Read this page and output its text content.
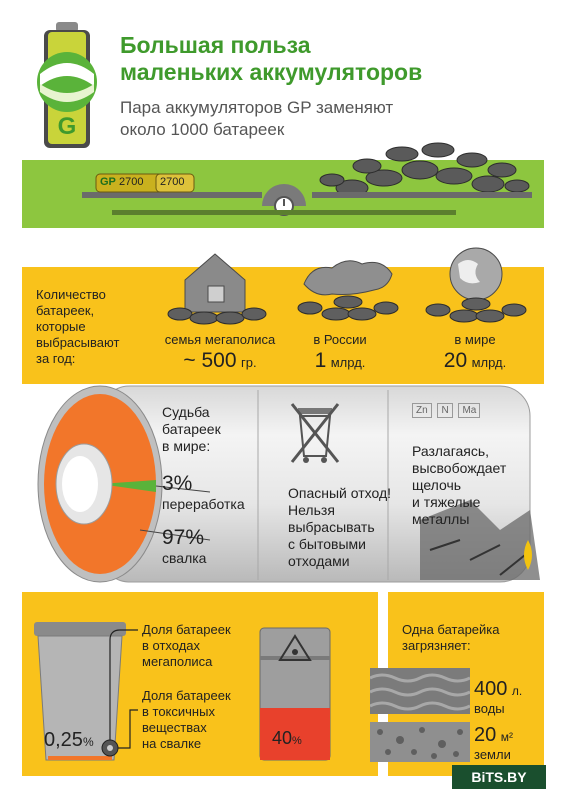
G
Большая польза
маленьких аккумуляторов
Пара аккумуляторов GP заменяют
около 1000 батареек
GP 2700 2700
Количество
батареек,
которые
выбрасывают
за год:
семья мегаполиса
~ 500 гр.
в России
1 млрд.
в мире
20 млрд.
Судьба
батареек
в мире:
3%
переработка
97%
свалка
Опасный отход!
Нельзя
выбрасывать
с бытовыми
отходами
Zn N Ma
Разлагаясь,
высвобождает
щелочь
и тяжелые
металлы
0,25%
Доля батареек
в отходах
мегаполиса
Доля батареек
в токсичных
веществах
на свалке	40%
Одна батарейка
загрязняет:
400 л.
воды
20 м²
земли
BiTS.BY
